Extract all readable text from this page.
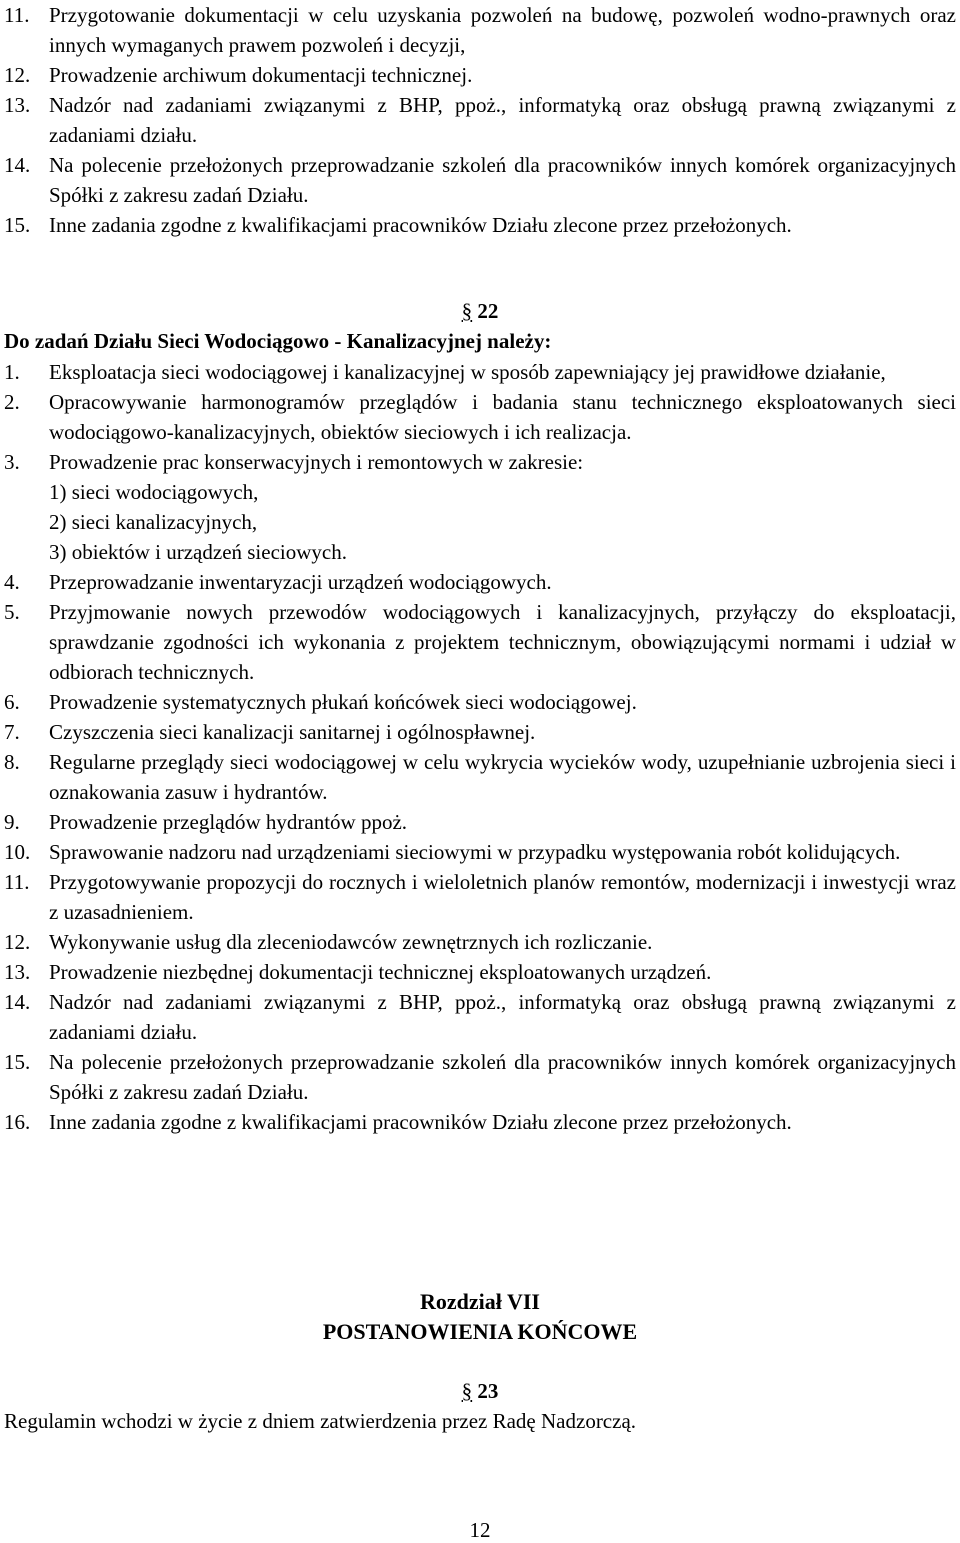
11. Przygotowanie dokumentacji w celu uzyskania pozwoleń na budowę, pozwoleń wodno-prawnych oraz innych wymaganych prawem pozwoleń i decyzji,
12. Prowadzenie archiwum dokumentacji technicznej.
13. Nadzór nad zadaniami związanymi z BHP, ppoż., informatyką oraz obsługą prawną związanymi z zadaniami działu.
14. Na polecenie przełożonych przeprowadzanie szkoleń dla pracowników innych komórek organizacyjnych Spółki z zakresu zadań Działu.
15. Inne zadania zgodne z kwalifikacjami pracowników Działu zlecone przez przełożonych.
§ 22
Do zadań Działu Sieci Wodociągowo - Kanalizacyjnej należy:
1. Eksploatacja sieci wodociągowej i kanalizacyjnej w sposób zapewniający jej prawidłowe działanie,
2. Opracowywanie harmonogramów przeglądów i badania stanu technicznego eksploatowanych sieci wodociągowo-kanalizacyjnych, obiektów sieciowych i ich realizacja.
3. Prowadzenie prac konserwacyjnych i remontowych w zakresie:
1) sieci wodociągowych,
2) sieci kanalizacyjnych,
3) obiektów i urządzeń sieciowych.
4. Przeprowadzanie inwentaryzacji urządzeń wodociągowych.
5. Przyjmowanie nowych przewodów wodociągowych i kanalizacyjnych, przyłączy do eksploatacji, sprawdzanie zgodności ich wykonania z projektem technicznym, obowiązującymi normami i udział w odbiorach technicznych.
6. Prowadzenie systematycznych płukań końcówek sieci wodociągowej.
7. Czyszczenia sieci kanalizacji sanitarnej i ogólnospławnej.
8. Regularne przeglądy sieci wodociągowej w celu wykrycia wycieków wody, uzupełnianie uzbrojenia sieci i oznakowania zasuw i hydrantów.
9. Prowadzenie przeglądów hydrantów ppoż.
10. Sprawowanie nadzoru nad urządzeniami sieciowymi w przypadku występowania robót kolidujących.
11. Przygotowywanie propozycji do rocznych i wieloletnich planów remontów, modernizacji i inwestycji wraz z uzasadnieniem.
12. Wykonywanie usług dla zleceniodawców zewnętrznych ich rozliczanie.
13. Prowadzenie niezbędnej dokumentacji technicznej eksploatowanych urządzeń.
14. Nadzór nad zadaniami związanymi z BHP, ppoż., informatyką oraz obsługą prawną związanymi z zadaniami działu.
15. Na polecenie przełożonych przeprowadzanie szkoleń dla pracowników innych komórek organizacyjnych Spółki z zakresu zadań Działu.
16. Inne zadania zgodne z kwalifikacjami pracowników Działu zlecone przez przełożonych.
Rozdział VII
POSTANOWIENIA KOŃCOWE
§ 23
Regulamin wchodzi w życie z dniem zatwierdzenia przez Radę Nadzorczą.
12
